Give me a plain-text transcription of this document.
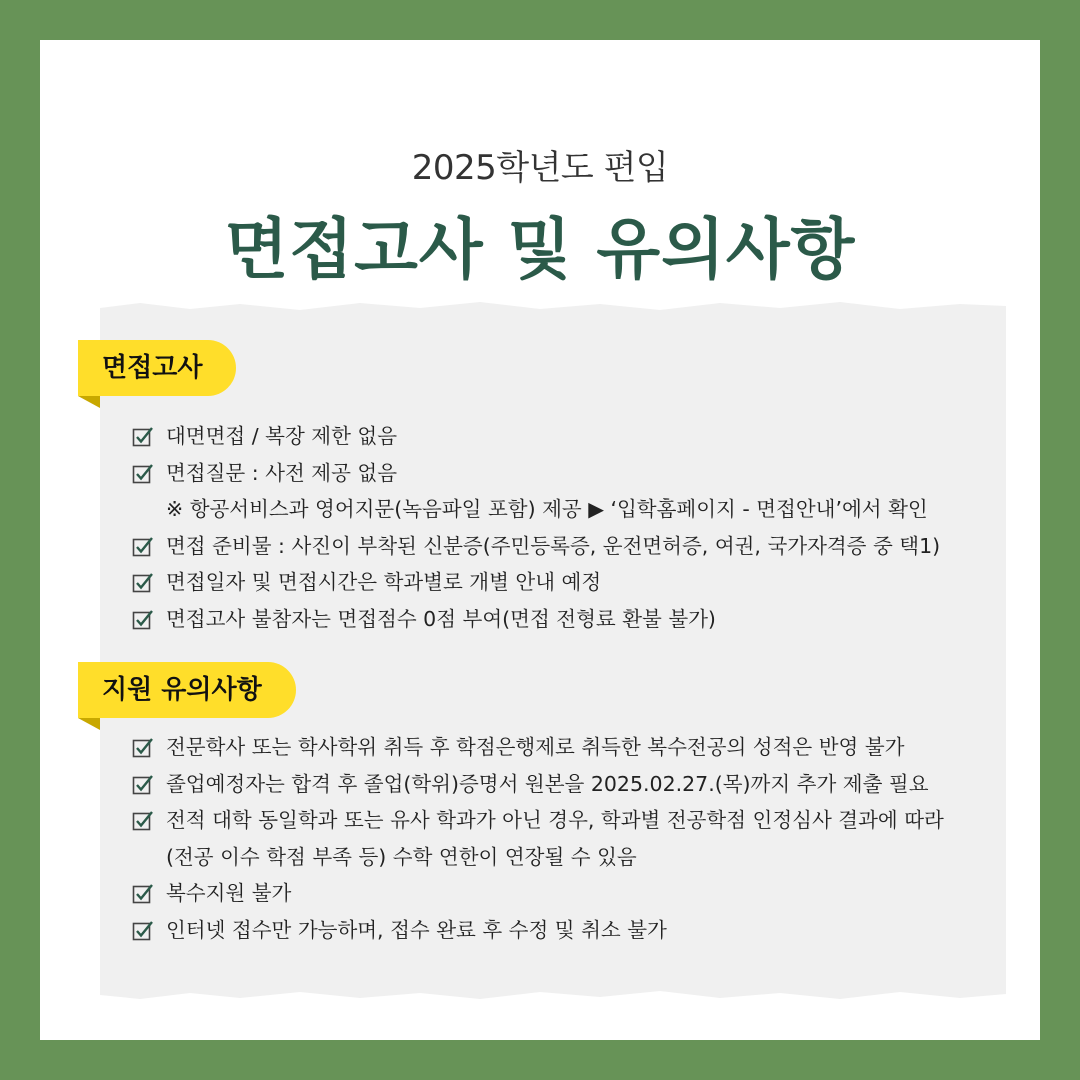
2025학년도 편입
면접고사 및 유의사항
면접고사
대면면접 / 복장 제한 없음
면접질문 : 사전 제공 없음
※ 항공서비스과 영어지문(녹음파일 포함) 제공 ▶ ‘입학홈페이지 - 면접안내’에서 확인
면접 준비물 : 사진이 부착된 신분증(주민등록증, 운전면허증, 여권, 국가자격증 중 택1)
면접일자 및 면접시간은 학과별로 개별 안내 예정
면접고사 불참자는 면접점수 0점 부여(면접 전형료 환불 불가)
지원 유의사항
전문학사 또는 학사학위 취득 후 학점은행제로 취득한 복수전공의 성적은 반영 불가
졸업예정자는 합격 후 졸업(학위)증명서 원본을 2025.02.27.(목)까지 추가 제출 필요
전적 대학 동일학과 또는 유사 학과가 아닌 경우, 학과별 전공학점 인정심사 결과에 따라
(전공 이수 학점 부족 등) 수학 연한이 연장될 수 있음
복수지원 불가
인터넷 접수만 가능하며, 접수 완료 후 수정 및 취소 불가
